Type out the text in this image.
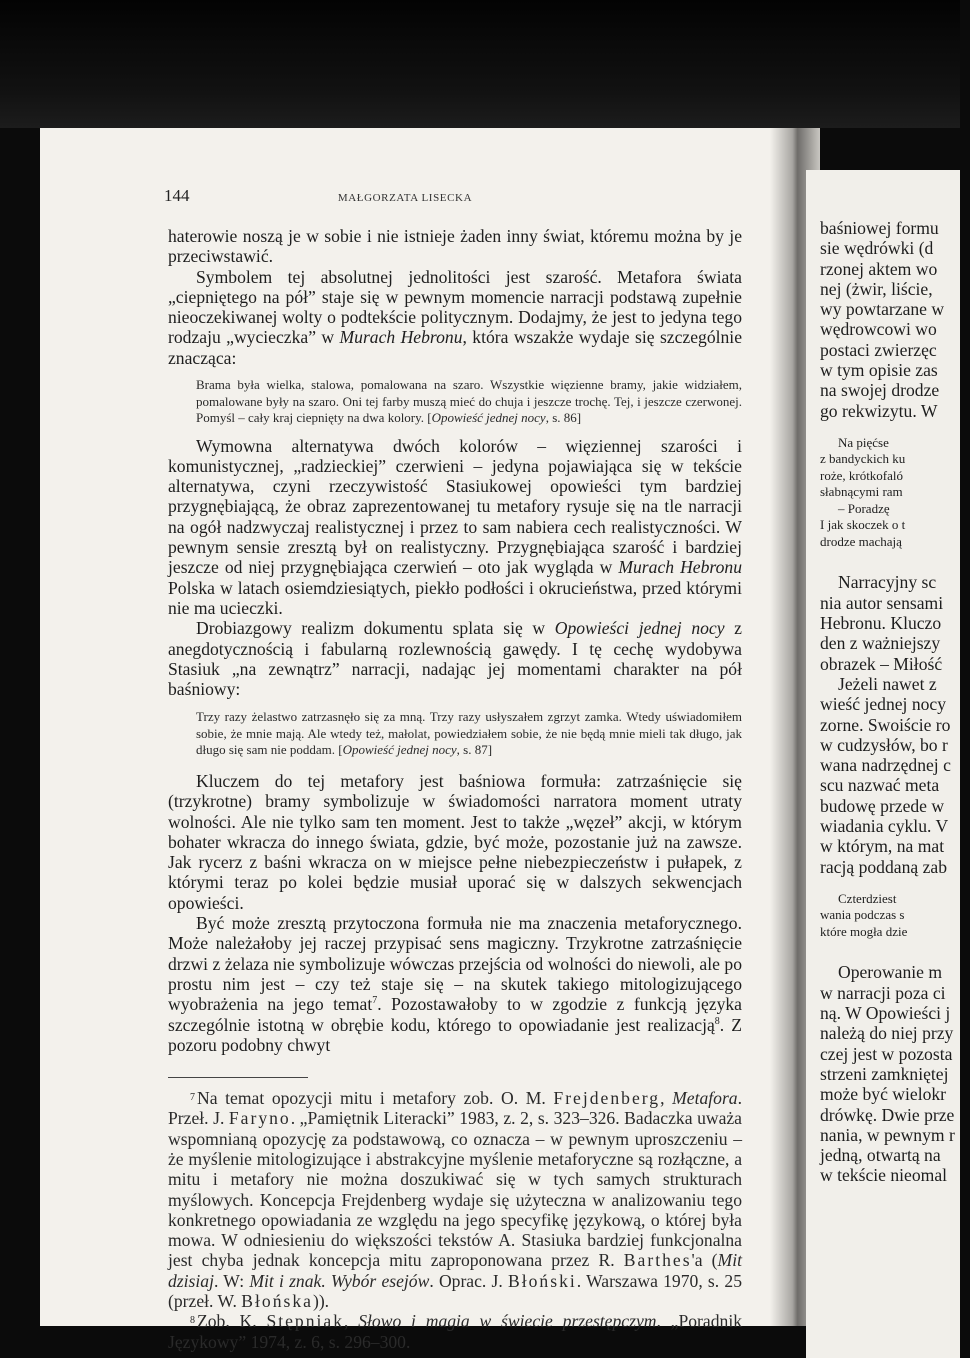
144	MAŁGORZATA LISECKA

haterowie noszą je w sobie i nie istnieje żaden inny świat, któremu można by je przeciwstawić.

Symbolem tej absolutnej jednolitości jest szarość. Metafora świata „ciepniętego na pół” staje się w pewnym momencie narracji podstawą zupełnie nieoczekiwanej wolty o podtekście politycznym. Dodajmy, że jest to jedyna tego rodzaju „wycieczka” w Murach Hebronu, która wszakże wydaje się szczególnie znacząca:

Brama była wielka, stalowa, pomalowana na szaro. Wszystkie więzienne bramy, jakie widziałem, pomalowane były na szaro. Oni tej farby muszą mieć do chuja i jeszcze trochę. Tej, i jeszcze czerwonej. Pomyśl – cały kraj ciepnięty na dwa kolory. [Opowieść jednej nocy, s. 86]

Wymowna alternatywa dwóch kolorów – więziennej szarości i komunistycznej, „radzieckiej” czerwieni – jedyna pojawiająca się w tekście alternatywa, czyni rzeczywistość Stasiukowej opowieści tym bardziej przygnębiającą, że obraz zaprezentowanej tu metafory rysuje się na tle narracji na ogół nadzwyczaj realistycznej i przez to sam nabiera cech realistyczności. W pewnym sensie zresztą był on realistyczny. Przygnębiająca szarość i bardziej jeszcze od niej przygnębiająca czerwień – oto jak wygląda w Murach Hebronu Polska w latach osiemdziesiątych, piekło podłości i okrucieństwa, przed którymi nie ma ucieczki.

Drobiazgowy realizm dokumentu splata się w Opowieści jednej nocy z anegdotycznością i fabularną rozlewnością gawędy. I tę cechę wydobywa Stasiuk „na zewnątrz” narracji, nadając jej momentami charakter na pół baśniowy:

Trzy razy żelastwo zatrzasnęło się za mną. Trzy razy usłyszałem zgrzyt zamka. Wtedy uświadomiłem sobie, że mnie mają. Ale wtedy też, małolat, powiedziałem sobie, że nie będą mnie mieli tak długo, jak długo się sam nie poddam. [Opowieść jednej nocy, s. 87]

Kluczem do tej metafory jest baśniowa formuła: zatrzaśnięcie się (trzykrotne) bramy symbolizuje w świadomości narratora moment utraty wolności. Ale nie tylko sam ten moment. Jest to także „węzeł” akcji, w którym bohater wkracza do innego świata, gdzie, być może, pozostanie już na zawsze. Jak rycerz z baśni wkracza on w miejsce pełne niebezpieczeństw i pułapek, z którymi teraz po kolei będzie musiał uporać się w dalszych sekwencjach opowieści.

Być może zresztą przytoczona formuła nie ma znaczenia metaforycznego. Może należałoby jej raczej przypisać sens magiczny. Trzykrotne zatrzaśnięcie drzwi z żelaza nie symbolizuje wówczas przejścia od wolności do niewoli, ale po prostu nim jest – czy też staje się – na skutek takiego mitologizującego wyobrażenia na jego temat$^7$. Pozostawałoby to w zgodzie z funkcją języka szczególnie istotną w obrębie kodu, którego to opowiadanie jest realizacją$^8$. Z pozoru podobny chwyt

$^7$ Na temat opozycji mitu i metafory zob. O. M. Frejdenberg, Metafora. Przeł. J. Faryno. „Pamiętnik Literacki” 1983, z. 2, s. 323–326. Badaczka uważa wspomnianą opozycję za podstawową, co oznacza – w pewnym uproszczeniu – że myślenie mitologizujące i abstrakcyjne myślenie metaforyczne są rozłączne, a mitu i metafory nie można doszukiwać się w tych samych strukturach myślowych. Koncepcja Frejdenberg wydaje się użyteczna w analizowaniu tego konkretnego opowiadania ze względu na jego specyfikę językową, o której była mowa. W odniesieniu do większości tekstów A. Stasiuka bardziej funkcjonalna jest chyba jednak koncepcja mitu zaproponowana przez R. Barthes'a (Mit dzisiaj. W: Mit i znak. Wybór esejów. Oprac. J. Błoński. Warszawa 1970, s. 25 (przeł. W. Błońska)).

$^8$ Zob. K. Stępniak, Słowo i magia w świecie przestępczym. „Poradnik Językowy” 1974, z. 6, s. 296–300.

baśniowej formu
sie wędrówki (d
rzonej aktem wo
nej (żwir, liście,
wy powtarzane w
wędrowcowi wo
postaci zwierzęc
w tym opisie zas
na swojej drodze
go rekwizytu. W
Na pięćse
z bandyckich ku
roże, krótkofaló
słabnącymi ram
– Poradzę
I jak skoczek o t
drodze machają
Narracyjny sc
nia autor sensami
Hebronu. Kluczo
den z ważniejszy
obrazek – Miłość
Jeżeli nawet z
wieść jednej nocy
zorne. Swoiście ro
w cudzysłów, bo r
wana nadrzędnej c
scu nazwać meta
budowę przede w
wiadania cyklu. V
w którym, na mat
racją poddaną zab
Czterdziest
wania podczas s
które mogła dzie
Operowanie m
w narracji poza ci
ną. W Opowieści j
należą do niej przy
czej jest w pozosta
strzeni zamkniętej
może być wielokr
drówkę. Dwie prze
nania, w pewnym r
jedną, otwartą na
w tekście nieomal
